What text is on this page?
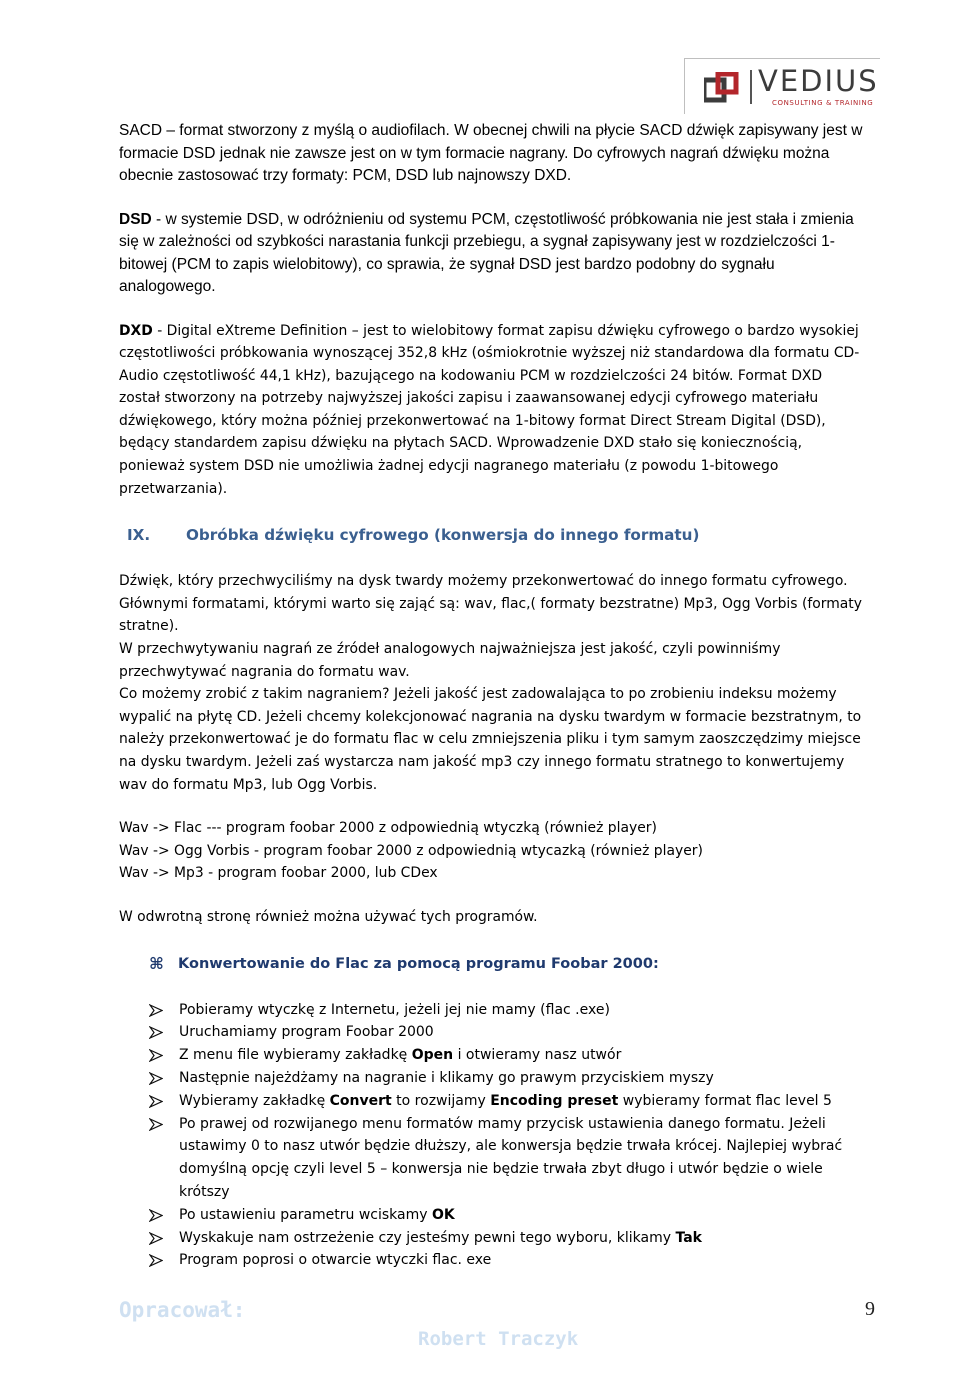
VEDIUS
CONSULTING & TRAINING

SACD – format stworzony z myślą o audiofilach. W obecnej chwili na płycie SACD dźwięk zapisywany jest w formacie DSD jednak nie zawsze jest on w tym formacie nagrany. Do cyfrowych nagrań dźwięku można obecnie zastosować trzy formaty: PCM, DSD lub najnowszy DXD.

DSD - w systemie DSD, w odróżnieniu od systemu PCM, częstotliwość próbkowania nie jest stała i zmienia się w zależności od szybkości narastania funkcji przebiegu, a sygnał zapisywany jest w rozdzielczości 1-bitowej (PCM to zapis wielobitowy), co sprawia, że sygnał DSD jest bardzo podobny do sygnału analogowego.

DXD - Digital eXtreme Definition – jest to wielobitowy format zapisu dźwięku cyfrowego o bardzo wysokiej częstotliwości próbkowania wynoszącej 352,8 kHz (ośmiokrotnie wyższej niż standardowa dla formatu CD-Audio częstotliwość 44,1 kHz), bazującego na kodowaniu PCM w rozdzielczości 24 bitów. Format DXD został stworzony na potrzeby najwyższej jakości zapisu i zaawansowanej edycji cyfrowego materiału dźwiękowego, który można później przekonwertować na 1-bitowy format Direct Stream Digital (DSD), będący standardem zapisu dźwięku na płytach SACD. Wprowadzenie DXD stało się koniecznością, ponieważ system DSD nie umożliwia żadnej edycji nagranego materiału (z powodu 1-bitowego przetwarzania).

IX.	Obróbka dźwięku cyfrowego (konwersja do innego formatu)

Dźwięk, który przechwyciliśmy na dysk twardy możemy przekonwertować do innego formatu cyfrowego. Głównymi formatami, którymi warto się zająć są: wav, flac,( formaty bezstratne) Mp3, Ogg Vorbis (formaty stratne).

W przechwytywaniu nagrań ze źródeł analogowych najważniejsza jest jakość, czyli powinniśmy przechwytywać nagrania do formatu wav.

Co możemy zrobić z takim nagraniem? Jeżeli jakość jest zadowalająca to po zrobieniu indeksu możemy wypalić na płytę CD. Jeżeli chcemy kolekcjonować nagrania na dysku twardym w formacie bezstratnym, to należy przekonwertować je do formatu flac w celu zmniejszenia pliku i tym samym zaoszczędzimy miejsce na dysku twardym. Jeżeli zaś wystarcza nam jakość mp3 czy innego formatu stratnego to konwertujemy wav do formatu Mp3, lub Ogg Vorbis.

Wav -> Flac --- program foobar 2000 z odpowiednią wtyczką (również player)

Wav -> Ogg Vorbis - program foobar 2000 z odpowiednią wtycazką (również player)

Wav -> Mp3 - program foobar 2000, lub CDex

W odwrotną stronę również można używać tych programów.

⌘ Konwertowanie do Flac za pomocą programu Foobar 2000:
Pobieramy wtyczkę z Internetu, jeżeli jej nie mamy (flac .exe)
Uruchamiamy program Foobar 2000
Z menu file wybieramy zakładkę Open i otwieramy nasz utwór
Następnie najeżdżamy na nagranie i klikamy go prawym przyciskiem myszy
Wybieramy zakładkę Convert to rozwijamy Encoding preset wybieramy format flac level 5
Po prawej od rozwijanego menu formatów mamy przycisk ustawienia danego formatu. Jeżeli ustawimy 0 to nasz utwór będzie dłuższy, ale konwersja będzie trwała krócej. Najlepiej wybrać domyślną opcję czyli level 5 – konwersja nie będzie trwała zbyt długo i utwór będzie o wiele krótszy
Po ustawieniu parametru wciskamy OK
Wyskakuje nam ostrzeżenie czy jesteśmy pewni tego wyboru, klikamy Tak
Program poprosi o otwarcie wtyczki flac. exe
Opracował:
Robert Traczyk
9
